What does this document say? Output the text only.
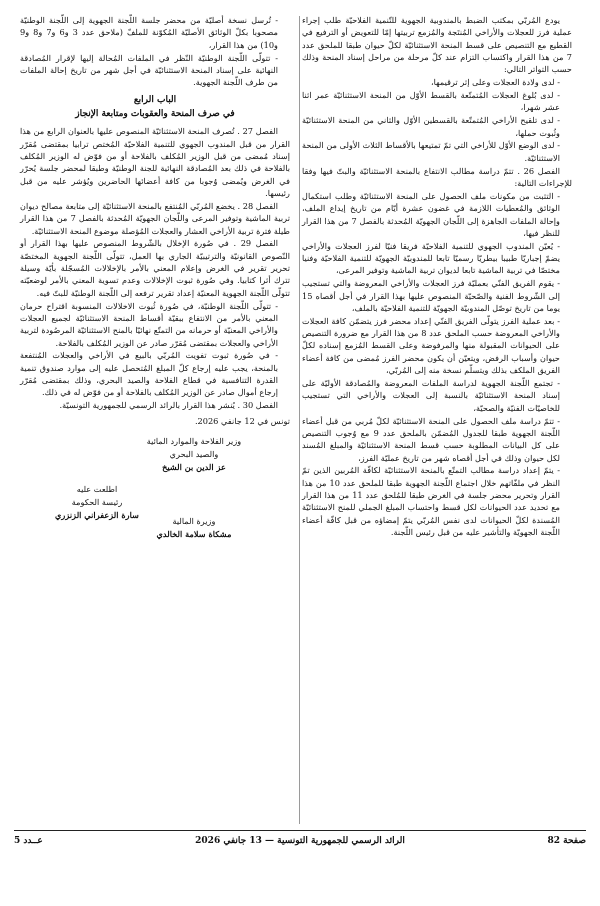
يودع المُربّي بمكتب الضبط بالمندوبية الجهوية للتّنمية الفلاحيّة طلب إجراء عملية فرز للعجلات والأراخي المُنتَجة والمُزمع تربيتها إمّا للتعويض أو الترفيع في القطيع مع التنصيص على قسط المنحة الاستثنائيّة لكلّ حيوان طبقا للملحق عدد 7 من هذا القرار واكتساب التزام عند كلّ مرحلة من مراحل إسناد المنحة وذلك حسب التواتر التالي:

- لدى ولادة العجلات وعلى إثر ترقيمها،

- لدى بُلوغ العجلات المُتمتّعة بالقسط الأوّل من المنحة الاستثنائيّة عمر اثنا عشر شهرا،

- لدى تلقيح الأراخي المُتمتّعة بالقسطين الأوّل والثاني من المنحة الاستثنائيّة وثُبوت حملها،

- لدى الوضع الأوّل للأراخي التي تمّ تمتيعها بالأقساط الثلاث الأولى من المنحة الاستثنائيّة.

الفصل 26 . تتمّ دراسة مطالب الانتفاع بالمنحة الاستثنائيّة والبتّ فيها وفقا للإجراءات التالية:

- التثبت من مكونات ملف الحصول على المنحة الاستثنائيّة وطلب استكمال الوثائق والمُعطيات اللازمة في غضون عشرة أيّام من تاريخ إيداع الملف، وإحالة الملفات الجاهزة إلى اللّجان الجهويّة المُحدثة بالفصل 7 من هذا القرار للنظر فيها،

- يُعيّن المندوب الجهوي للتنمية الفلاحيّة فريقا فنيّا لفرز العجلات والأراخي يضمّ إجباريّا طبيبا بيطريّا رسميّا تابعا للمندوبيّة الجهويّة للتنمية الفلاحيّة وفنيا مختصّا في تربية الماشية تابعا لديوان تربية الماشية وتوفير المرعى،

- يقوم الفريق الفنّي بعمليّة فرز العجلات والأراخي المعروضة والتي تستجيب إلى الشّروط الفنية والصّحيّة المنصوص عليها بهذا القرار في أجل أقصاه 15 يوما من تاريخ توصّل المندوبيّة الجهويّة للتنمية الفلاحيّة بالملف،

- بعد عملية الفرز يتولّى الفريق الفنّي إعداد محضر فرز يتضمّن كافة العجلات والأراخي المعروضة حسب الملحق عدد 8 من هذا القرار مع ضرورة التنصيص على الحيوانات المقبولة منها والمرفوضة وعلى القسط المُزمع إسناده لكلّ حيوان وأسباب الرفض، ويتعيّن أن يكون محضر الفرز مُمضى من كافة أعضاء الفريق الملكف بذلك ويتسلّم نسخة منه إلى المُربّي،

- تجتمع اللّجنة الجهوية لدراسة الملفات المعروضة والمُصادقة الأوليّة على إسناد المنحة الاستثنائيّة بالنسبة إلى العجلات والأراخي التي تستجيب للخاصيّات الفنيّة والصحيّة،

- تتمّ دراسة ملف الحصول على المنحة الاستثنائيّة لكلّ مُربي من قبل أعضاء اللّجنة الجهوية طبقا للجدول المُضمّن بالملحق عدد 9 مع وُجوب التنصيص على كل البيانات المطلوبة حسب قسط المنحة الاستثنائيّة والمبلغ المُسند لكل حيوان وذلك في أجل أقصاه شهر من تاريخ عمليّة الفرز،

- يتمّ إعداد دراسة مطالب التمتّع بالمنحة الاستثنائيّة لكافّة المُربين الذين تمّ النظر في ملفّاتهم خلال اجتماع اللّجنة الجهوية طبقا للملحق عدد 10 من هذا القرار وتحرير محضر جلسة في الغرض طبقا للمُلحق عدد 11 من هذا القرار مع تحديد عدد الحيوانات لكل قسط واحتساب المبلغ الجملي للمنح الاستثنائيّة المُسندة لكلّ الحيوانات لدى نفس المُربّي يتمّ إمضاؤه من قبل كافّة أعضاء اللّجنة الجهويّة والتأشير عليه من قبل رئيس اللّجنة.

- تُرسل نسخة أصليّة من محضر جلسة اللّجنة الجهوية إلى اللّجنة الوطنيّة مصحوبا بكلّ الوثائق الأصليّة المُكوّنة للملفّ (ملاحق عدد 3 و6 و7 و8 و9 و10) من هذا القرار،

- تتولّى اللّجنة الوطنيّة النّظر في الملفات المُحالة إليها لإقرار المُصادقة النهائية على إسناد المنحة الاستثنائيّة في أجل شهر من تاريخ إحالة الملفات من طرف اللّجنة الجهوية.

الباب الرابع
في صرف المنحة والعقوبات ومتابعة الإنجاز

الفصل 27 . تُصرف المنحة الاستثنائيّة المنصوص عليها بالعنوان الرابع من هذا القرار من قبل المندوب الجهوي للتنمية الفلاحيّة المُختص ترابيا بمقتضى مُقرّر إسناد مُمضى من قبل الوزير المُكلف بالفلاحة أو من فوّض له الوزير المُكلف بالفلاحة في ذلك بعد المُصادقة النهائية للجنة الوطنيّة وطبقا لمحضر جلسة يُحرّر في الغرض ويُمضى وُجوبا من كافة أعضائها الحاضرين ويُؤشر عليه من قبل رئيسها.

الفصل 28 . يخضع المُربّي المُنتفع بالمنحة الاستثنائيّة إلى متابعة مصالح ديوان تربية الماشية وتوفير المرعى واللّجان الجهويّة المُحدثة بالفصل 7 من هذا القرار طيلة فترة تربية الأراخي العشار والعجلات المُؤصلة موضوع المنحة الاستثنائيّة.

الفصل 29 . في صُورة الإخلال بالشّروط المنصوص عليها بهذا القرار أو النّصوص القانونيّة والترتيبيّة الجاري بها العمل، تتولّى اللّجنة الجهوية المختصّة تحرير تقرير في الغرض وإعلام المعني بالأمر بالإخلالات المُسجّلة بأيّة وسيلة تترك أثرا كتابيا. وفي صُورة ثبوت الإخلالات وعدم تسوية المعني بالأمر لوضعيّته تتولّى اللّجنة الجهوية المعنيّة إعداد تقرير ترفعه إلى اللّجنة الوطنيّة للبتّ فيه.

- تتولّى اللّجنة الوطنيّة، في صُورة ثُبوت الاخلالات المنسوبة اقتراح حرمان المعني بالأمر من الانتفاع ببقيّة أقساط المنحة الاستثنائيّة لجميع العجلات والأراخي المعنيّة أو حرمانه من التمتّع نهائيّا بالمنح الاستثنائيّة المرصُودة لتربية الأراخي والعجلات بمقتضى مُقرّر صادر عن الوزير المُكلف بالفلاحة.

- في صُورة ثبوت تفويت المُربّي بالبيع في الأراخي والعجلات المُنتفعة بالمنحة، يجب عليه إرجاع كلّ المبلغ المُتحصل عليه إلى موارد صندوق تنمية القدرة التنافسية في قطاع الفلاحة والصيد البحري، وذلك بمقتضى مُقرّر إرجاع أموال صادر عن الوزير المُكلف بالفلاحة أو من فوّض له في ذلك.

الفصل 30 . يُنشر هذا القرار بالرائد الرسمي للجمهورية التونسيّة.

تونس في 12 جانفي 2026.
وزير الفلاحة والموارد المائية
والصيد البحري
عز الدين بن الشيخ
وزيرة المالية
مشكاة سلامة الخالدي
اطلعت عليه
رئيسة الحكومة
سارة الزعفراني الزنزري
صفحة 82
الرائد الرسمي للجمهورية التونسية — 13 جانفي 2026
عــدد 5
